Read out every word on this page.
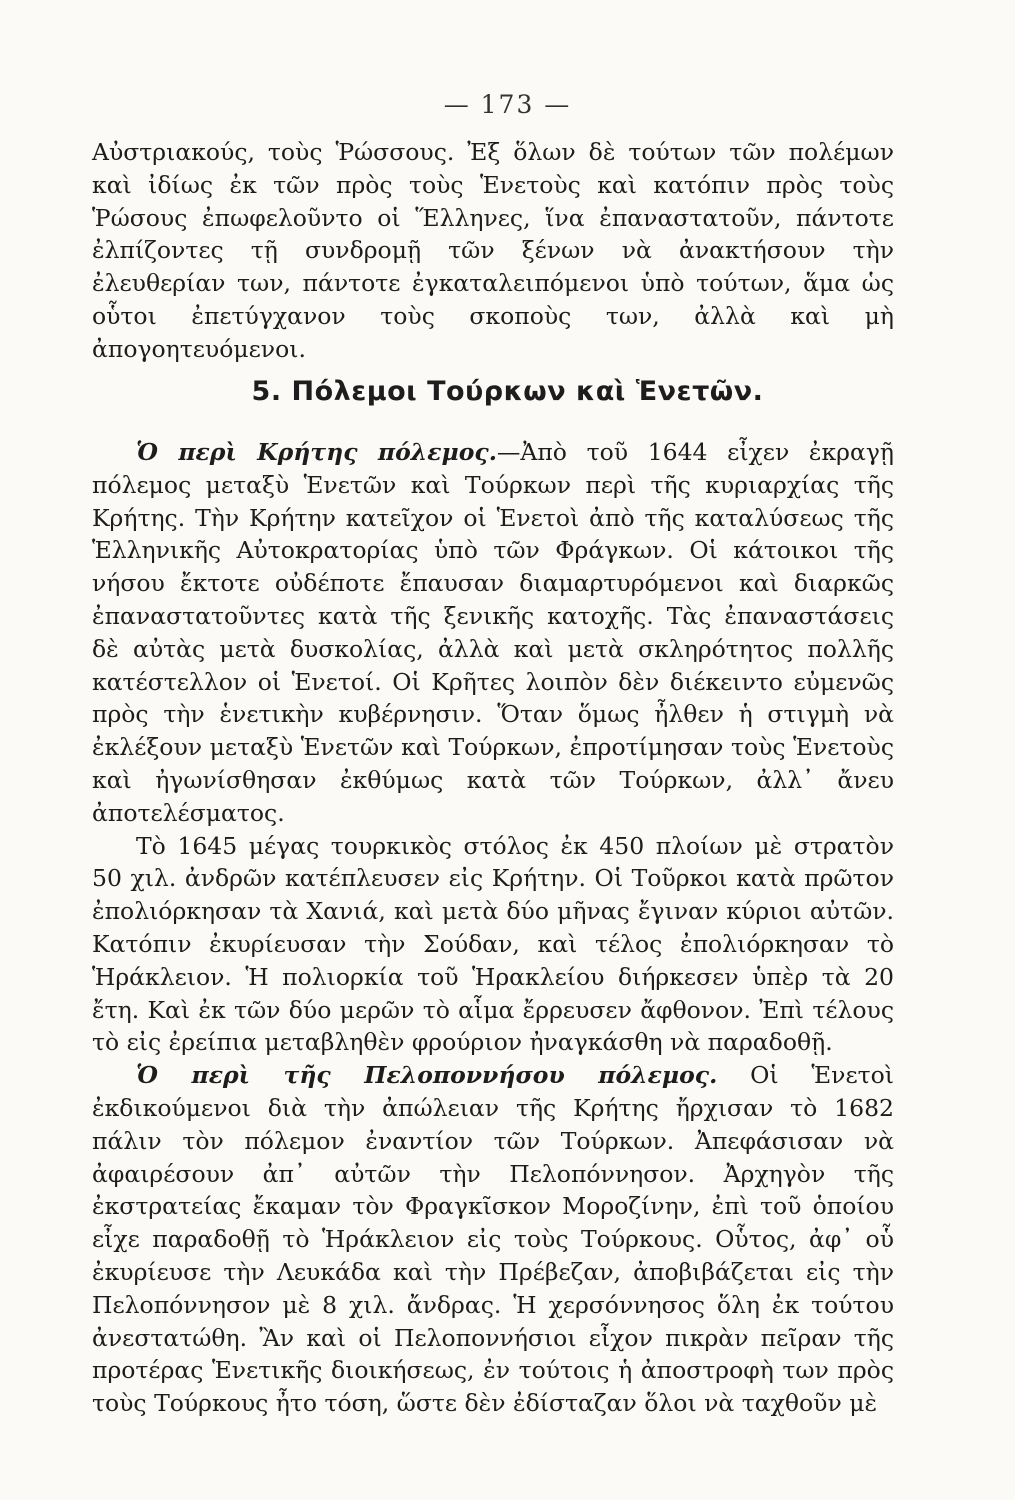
— 173 —

Αὐστριακούς, τοὺς Ῥώσσους. Ἐξ ὅλων δὲ τούτων τῶν πολέμων καὶ ἰδίως ἐκ τῶν πρὸς τοὺς Ἑνετοὺς καὶ κατόπιν πρὸς τοὺς Ῥώσους ἐπωφελοῦντο οἱ Ἕλληνες, ἵνα ἐπαναστατοῦν, πάντοτε ἐλπίζοντες τῇ συνδρομῇ τῶν ξένων νὰ ἀνακτήσουν τὴν ἐλευθερίαν των, πάντοτε ἐγκαταλειπόμενοι ὑπὸ τούτων, ἅμα ὡς οὗτοι ἐπετύγχανον τοὺς σκοποὺς των, ἀλλὰ καὶ μὴ ἀπογοητευόμενοι.

5. Πόλεμοι Τούρκων καὶ Ἑνετῶν.

Ὁ περὶ Κρήτης πόλεμος.—Ἀπὸ τοῦ 1644 εἶχεν ἐκραγῇ πόλεμος μεταξὺ Ἑνετῶν καὶ Τούρκων περὶ τῆς κυριαρχίας τῆς Κρήτης. Τὴν Κρήτην κατεῖχον οἱ Ἑνετοὶ ἀπὸ τῆς καταλύσεως τῆς Ἑλληνικῆς Αὐτοκρατορίας ὑπὸ τῶν Φράγκων. Οἱ κάτοικοι τῆς νήσου ἔκτοτε οὐδέποτε ἔπαυσαν διαμαρτυρόμενοι καὶ διαρκῶς ἐπαναστατοῦντες κατὰ τῆς ξενικῆς κατοχῆς. Τὰς ἐπαναστάσεις δὲ αὐτὰς μετὰ δυσκολίας, ἀλλὰ καὶ μετὰ σκληρότητος πολλῆς κατέστελλον οἱ Ἑνετοί. Οἱ Κρῆτες λοιπὸν δὲν διέκειντο εὐμενῶς πρὸς τὴν ἑνετικὴν κυβέρνησιν. Ὅταν ὅμως ἦλθεν ἡ στιγμὴ νὰ ἐκλέξουν μεταξὺ Ἑνετῶν καὶ Τούρκων, ἐπροτίμησαν τοὺς Ἑνετοὺς καὶ ἠγωνίσθησαν ἐκθύμως κατὰ τῶν Τούρκων, ἀλλ᾽ ἄνευ ἀποτελέσματος.

Τὸ 1645 μέγας τουρκικὸς στόλος ἐκ 450 πλοίων μὲ στρατὸν 50 χιλ. ἀνδρῶν κατέπλευσεν εἰς Κρήτην. Οἱ Τοῦρκοι κατὰ πρῶτον ἐπολιόρκησαν τὰ Χανιά, καὶ μετὰ δύο μῆνας ἔγιναν κύριοι αὐτῶν. Κατόπιν ἐκυρίευσαν τὴν Σούδαν, καὶ τέλος ἐπολιόρκησαν τὸ Ἡράκλειον. Ἡ πολιορκία τοῦ Ἡρακλείου διήρκεσεν ὑπὲρ τὰ 20 ἔτη. Καὶ ἐκ τῶν δύο μερῶν τὸ αἷμα ἔρρευσεν ἄφθονον. Ἐπὶ τέλους τὸ εἰς ἐρείπια μεταβληθὲν φρούριον ἠναγκάσθη νὰ παραδοθῇ.

Ὁ περὶ τῆς Πελοποννήσου πόλεμος. Οἱ Ἑνετοὶ ἐκδικούμενοι διὰ τὴν ἀπώλειαν τῆς Κρήτης ἤρχισαν τὸ 1682 πάλιν τὸν πόλεμον ἐναντίον τῶν Τούρκων. Ἀπεφάσισαν νὰ ἀφαιρέσουν ἀπ᾽ αὐτῶν τὴν Πελοπόννησον. Ἀρχηγὸν τῆς ἐκστρατείας ἔκαμαν τὸν Φραγκῖσκον Μοροζίνην, ἐπὶ τοῦ ὁποίου εἶχε παραδοθῇ τὸ Ἡράκλειον εἰς τοὺς Τούρκους. Οὗτος, ἀφ᾽ οὗ ἐκυρίευσε τὴν Λευκάδα καὶ τὴν Πρέβεζαν, ἀποβιβάζεται εἰς τὴν Πελοπόννησον μὲ 8 χιλ. ἄνδρας. Ἡ χερσόννησος ὅλη ἐκ τούτου ἀνεστατώθη. Ἂν καὶ οἱ Πελοποννήσιοι εἶχον πικρὰν πεῖραν τῆς προτέρας Ἑνετικῆς διοικήσεως, ἐν τούτοις ἡ ἀποστροφὴ των πρὸς τοὺς Τούρκους ἦτο τόση, ὥστε δὲν ἐδίσταζαν ὅλοι νὰ ταχθοῦν μὲ
